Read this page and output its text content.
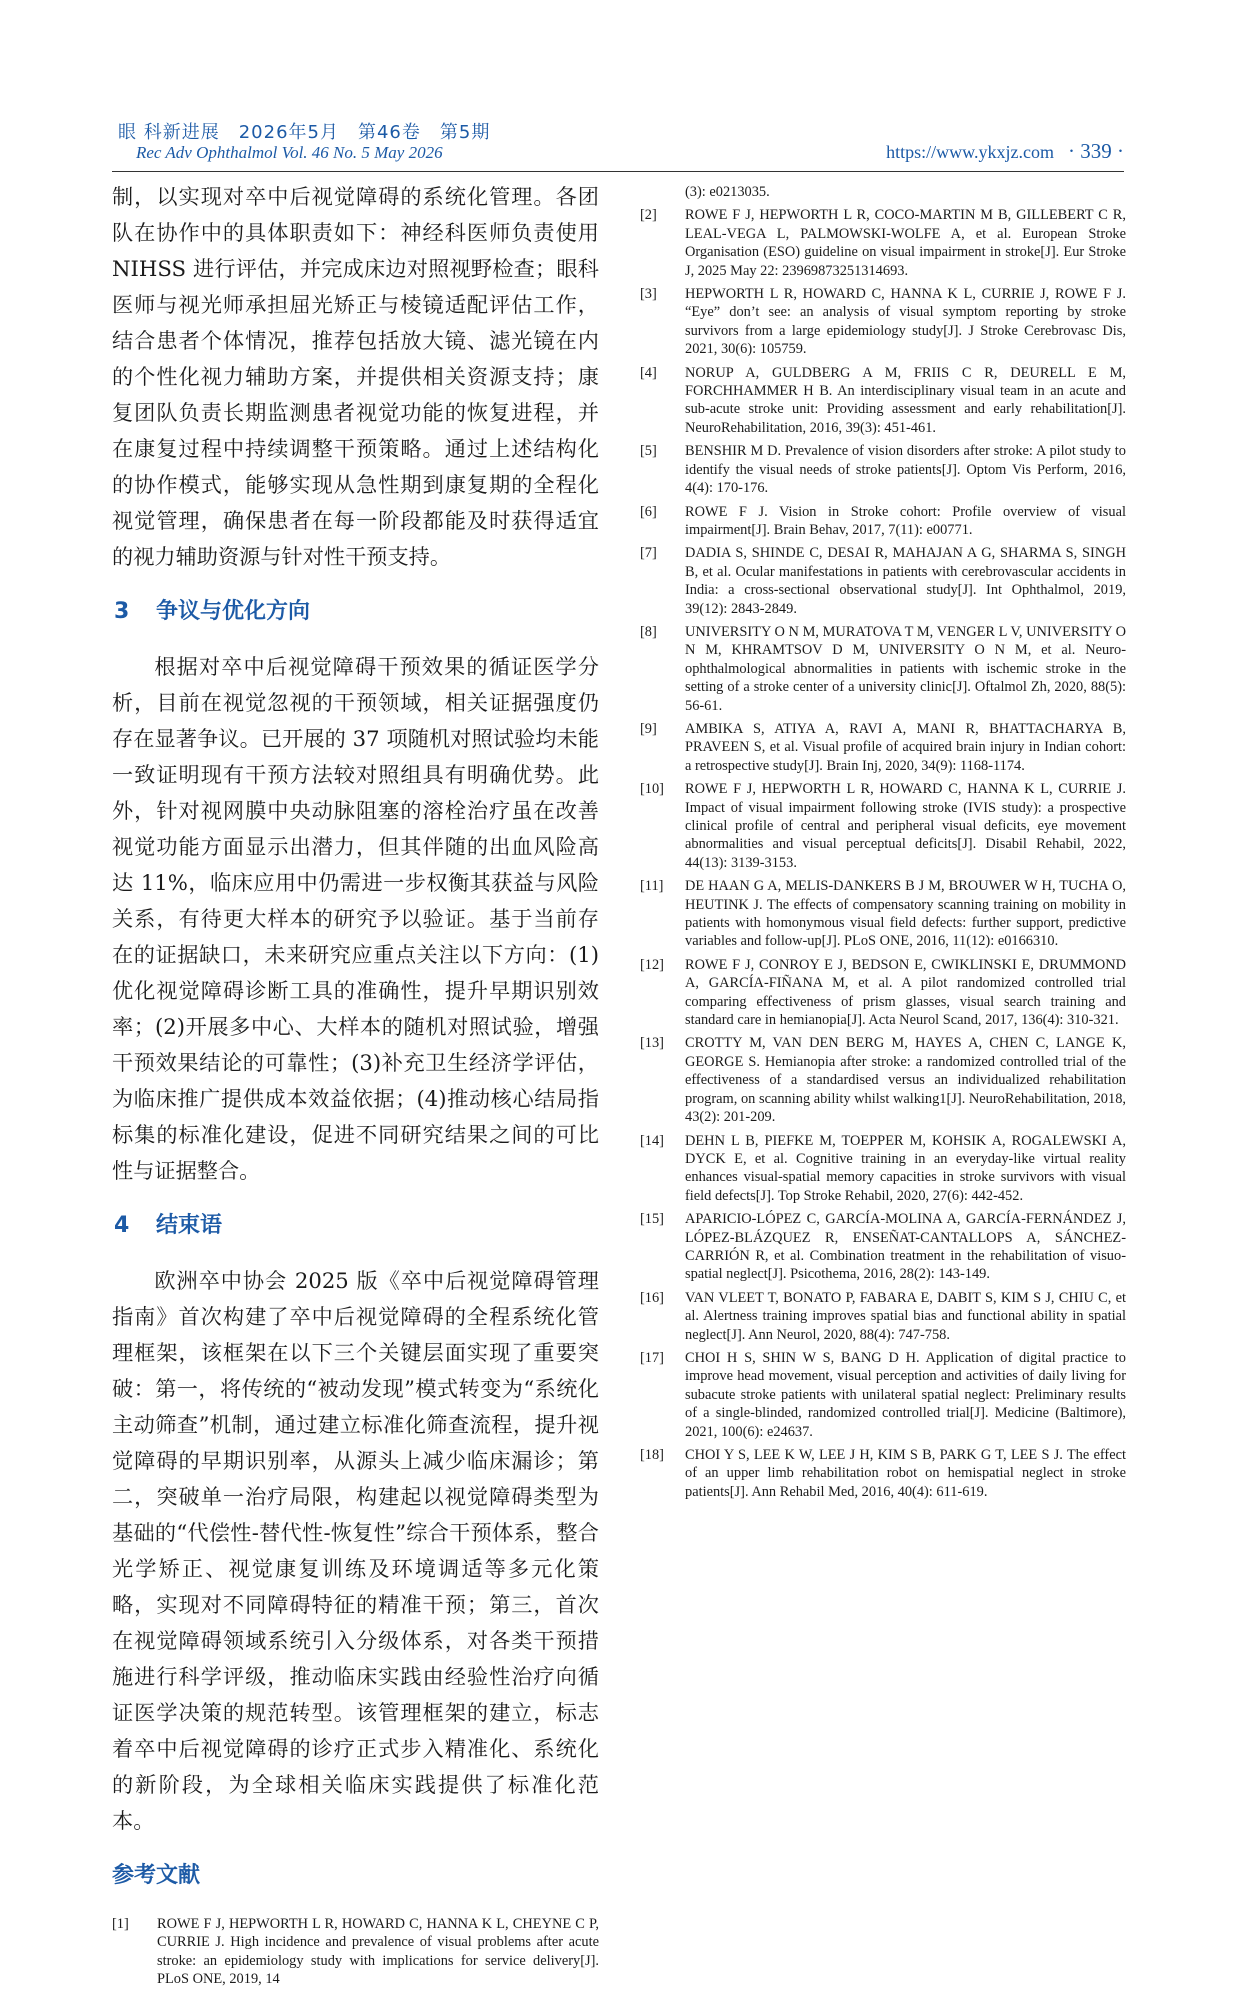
眼 科新进展　2026年5月　第46卷　第5期
Rec Adv Ophthalmol Vol. 46 No. 5 May 2026	https://www.ykxjz.com · 339 ·

制，以实现对卒中后视觉障碍的系统化管理。各团队在协作中的具体职责如下：神经科医师负责使用 NIHSS 进行评估，并完成床边对照视野检查；眼科医师与视光师承担屈光矫正与棱镜适配评估工作，结合患者个体情况，推荐包括放大镜、滤光镜在内的个性化视力辅助方案，并提供相关资源支持；康复团队负责长期监测患者视觉功能的恢复进程，并在康复过程中持续调整干预策略。通过上述结构化的协作模式，能够实现从急性期到康复期的全程化视觉管理，确保患者在每一阶段都能及时获得适宜的视力辅助资源与针对性干预支持。

3 争议与优化方向

根据对卒中后视觉障碍干预效果的循证医学分析，目前在视觉忽视的干预领域，相关证据强度仍存在显著争议。已开展的 37 项随机对照试验均未能一致证明现有干预方法较对照组具有明确优势。此外，针对视网膜中央动脉阻塞的溶栓治疗虽在改善视觉功能方面显示出潜力，但其伴随的出血风险高达 11%，临床应用中仍需进一步权衡其获益与风险关系，有待更大样本的研究予以验证。基于当前存在的证据缺口，未来研究应重点关注以下方向：(1)优化视觉障碍诊断工具的准确性，提升早期识别效率；(2)开展多中心、大样本的随机对照试验，增强干预效果结论的可靠性；(3)补充卫生经济学评估，为临床推广提供成本效益依据；(4)推动核心结局指标集的标准化建设，促进不同研究结果之间的可比性与证据整合。

4 结束语

欧洲卒中协会 2025 版《卒中后视觉障碍管理指南》首次构建了卒中后视觉障碍的全程系统化管理框架，该框架在以下三个关键层面实现了重要突破：第一，将传统的“被动发现”模式转变为“系统化主动筛查”机制，通过建立标准化筛查流程，提升视觉障碍的早期识别率，从源头上减少临床漏诊；第二，突破单一治疗局限，构建起以视觉障碍类型为基础的“代偿性-替代性-恢复性”综合干预体系，整合光学矫正、视觉康复训练及环境调适等多元化策略，实现对不同障碍特征的精准干预；第三，首次在视觉障碍领域系统引入分级体系，对各类干预措施进行科学评级，推动临床实践由经验性治疗向循证医学决策的规范转型。该管理框架的建立，标志着卒中后视觉障碍的诊疗正式步入精准化、系统化的新阶段，为全球相关临床实践提供了标准化范本。

参考文献
[1] ROWE F J, HEPWORTH L R, HOWARD C, HANNA K L, CHEYNE C P, CURRIE J. High incidence and prevalence of visual problems after acute stroke: an epidemiology study with implications for service delivery[J]. PLoS ONE, 2019, 14
(3): e0213035.
[2] ROWE F J, HEPWORTH L R, COCO-MARTIN M B, GILLEBERT C R, LEAL-VEGA L, PALMOWSKI-WOLFE A, et al. European Stroke Organisation (ESO) guideline on visual impairment in stroke[J]. Eur Stroke J, 2025 May 22: 23969873251314693.
[3] HEPWORTH L R, HOWARD C, HANNA K L, CURRIE J, ROWE F J. “Eye” don’t see: an analysis of visual symptom reporting by stroke survivors from a large epidemiology study[J]. J Stroke Cerebrovasc Dis, 2021, 30(6): 105759.
[4] NORUP A, GULDBERG A M, FRIIS C R, DEURELL E M, FORCHHAMMER H B. An interdisciplinary visual team in an acute and sub-acute stroke unit: Providing assessment and early rehabilitation[J]. NeuroRehabilitation, 2016, 39(3): 451-461.
[5] BENSHIR M D. Prevalence of vision disorders after stroke: A pilot study to identify the visual needs of stroke patients[J]. Optom Vis Perform, 2016, 4(4): 170-176.
[6] ROWE F J. Vision in Stroke cohort: Profile overview of visual impairment[J]. Brain Behav, 2017, 7(11): e00771.
[7] DADIA S, SHINDE C, DESAI R, MAHAJAN A G, SHARMA S, SINGH B, et al. Ocular manifestations in patients with cerebrovascular accidents in India: a cross-sectional observational study[J]. Int Ophthalmol, 2019, 39(12): 2843-2849.
[8] UNIVERSITY O N M, MURATOVA T M, VENGER L V, UNIVERSITY O N M, KHRAMTSOV D M, UNIVERSITY O N M, et al. Neuro-ophthalmological abnormalities in patients with ischemic stroke in the setting of a stroke center of a university clinic[J]. Oftalmol Zh, 2020, 88(5): 56-61.
[9] AMBIKA S, ATIYA A, RAVI A, MANI R, BHATTACHARYA B, PRAVEEN S, et al. Visual profile of acquired brain injury in Indian cohort: a retrospective study[J]. Brain Inj, 2020, 34(9): 1168-1174.
[10] ROWE F J, HEPWORTH L R, HOWARD C, HANNA K L, CURRIE J. Impact of visual impairment following stroke (IVIS study): a prospective clinical profile of central and peripheral visual deficits, eye movement abnormalities and visual perceptual deficits[J]. Disabil Rehabil, 2022, 44(13): 3139-3153.
[11] DE HAAN G A, MELIS-DANKERS B J M, BROUWER W H, TUCHA O, HEUTINK J. The effects of compensatory scanning training on mobility in patients with homonymous visual field defects: further support, predictive variables and follow-up[J]. PLoS ONE, 2016, 11(12): e0166310.
[12] ROWE F J, CONROY E J, BEDSON E, CWIKLINSKI E, DRUMMOND A, GARCÍA-FIÑANA M, et al. A pilot randomized controlled trial comparing effectiveness of prism glasses, visual search training and standard care in hemianopia[J]. Acta Neurol Scand, 2017, 136(4): 310-321.
[13] CROTTY M, VAN DEN BERG M, HAYES A, CHEN C, LANGE K, GEORGE S. Hemianopia after stroke: a randomized controlled trial of the effectiveness of a standardised versus an individualized rehabilitation program, on scanning ability whilst walking1[J]. NeuroRehabilitation, 2018, 43(2): 201-209.
[14] DEHN L B, PIEFKE M, TOEPPER M, KOHSIK A, ROGALEWSKI A, DYCK E, et al. Cognitive training in an everyday-like virtual reality enhances visual-spatial memory capacities in stroke survivors with visual field defects[J]. Top Stroke Rehabil, 2020, 27(6): 442-452.
[15] APARICIO-LÓPEZ C, GARCÍA-MOLINA A, GARCÍA-FERNÁNDEZ J, LÓPEZ-BLÁZQUEZ R, ENSEÑAT-CANTALLOPS A, SÁNCHEZ-CARRIÓN R, et al. Combination treatment in the rehabilitation of visuo-spatial neglect[J]. Psicothema, 2016, 28(2): 143-149.
[16] VAN VLEET T, BONATO P, FABARA E, DABIT S, KIM S J, CHIU C, et al. Alertness training improves spatial bias and functional ability in spatial neglect[J]. Ann Neurol, 2020, 88(4): 747-758.
[17] CHOI H S, SHIN W S, BANG D H. Application of digital practice to improve head movement, visual perception and activities of daily living for subacute stroke patients with unilateral spatial neglect: Preliminary results of a single-blinded, randomized controlled trial[J]. Medicine (Baltimore), 2021, 100(6): e24637.
[18] CHOI Y S, LEE K W, LEE J H, KIM S B, PARK G T, LEE S J. The effect of an upper limb rehabilitation robot on hemispatial neglect in stroke patients[J]. Ann Rehabil Med, 2016, 40(4): 611-619.
